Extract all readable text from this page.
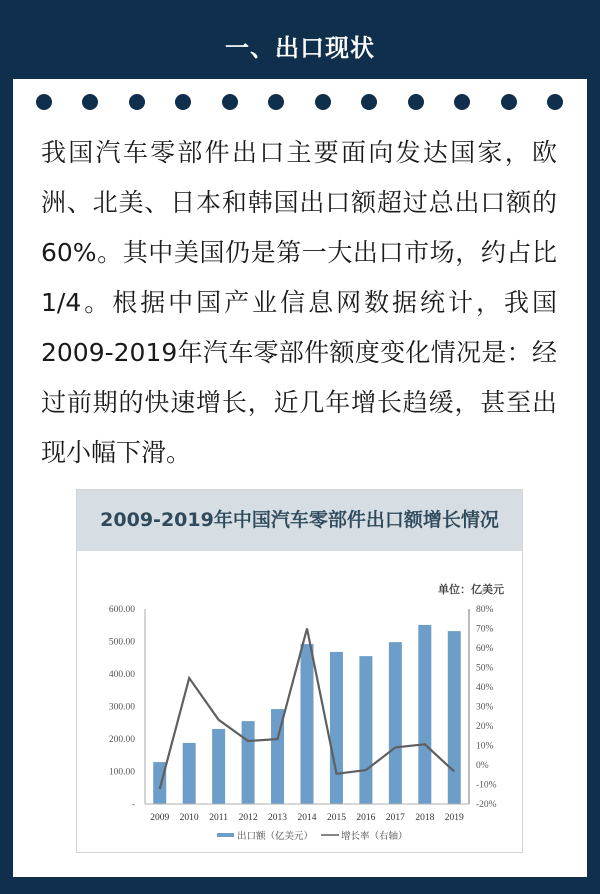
一、出口现状
我国汽车零部件出口主要面向发达国家，欧
洲、北美、日本和韩国出口额超过总出口额的
60%。其中美国仍是第一大出口市场，约占比
1/4。根据中国产业信息网数据统计，我国
2009-2019年汽车零部件额度变化情况是：经
过前期的快速增长，近几年增长趋缓，甚至出
现小幅下滑。
2009-2019年中国汽车零部件出口额增长情况
单位：亿美元
600.00
500.00
400.00
300.00
200.00
100.00
-
80%
70%
60%
50%
40%
30%
20%
10%
0%
-10%
-20%
2009 2010 2011 2012 2013 2014 2015 2016 2017 2018 2019
出口额（亿美元）	增长率（右轴）
